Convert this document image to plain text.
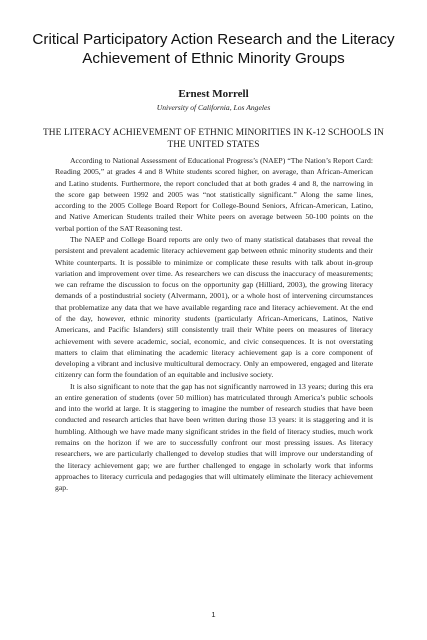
Critical Participatory Action Research and the Literacy Achievement of Ethnic Minority Groups
Ernest Morrell
University of California, Los Angeles
THE LITERACY ACHIEVEMENT OF ETHNIC MINORITIES IN K-12 SCHOOLS IN THE UNITED STATES

According to National Assessment of Educational Progress’s (NAEP) “The Nation’s Report Card: Reading 2005,” at grades 4 and 8 White students scored higher, on average, than African-American and Latino students. Furthermore, the report concluded that at both grades 4 and 8, the narrowing in the score gap between 1992 and 2005 was “not statistically significant.” Along the same lines, according to the 2005 College Board Report for College-Bound Seniors, African-American, Latino, and Native American Students trailed their White peers on average between 50-100 points on the verbal portion of the SAT Reasoning test.

The NAEP and College Board reports are only two of many statistical databases that reveal the persistent and prevalent academic literacy achievement gap between ethnic minority students and their White counterparts. It is possible to minimize or complicate these results with talk about in-group variation and improvement over time. As researchers we can discuss the inaccuracy of measurements; we can reframe the discussion to focus on the opportunity gap (Hilliard, 2003), the growing literacy demands of a postindustrial society (Alvermann, 2001), or a whole host of intervening circumstances that problematize any data that we have available regarding race and literacy achievement. At the end of the day, however, ethnic minority students (particularly African-Americans, Latinos, Native Americans, and Pacific Islanders) still consistently trail their White peers on measures of literacy achievement with severe academic, social, economic, and civic consequences. It is not overstating matters to claim that eliminating the academic literacy achievement gap is a core component of developing a vibrant and inclusive multicultural democracy. Only an empowered, engaged and literate citizenry can form the foundation of an equitable and inclusive society.

It is also significant to note that the gap has not significantly narrowed in 13 years; during this era an entire generation of students (over 50 million) has matriculated through America’s public schools and into the world at large. It is staggering to imagine the number of research studies that have been conducted and research articles that have been written during those 13 years: it is staggering and it is humbling. Although we have made many significant strides in the field of literacy studies, much work remains on the horizon if we are to successfully confront our most pressing issues. As literacy researchers, we are particularly challenged to develop studies that will improve our understanding of the literacy achievement gap; we are further challenged to engage in scholarly work that informs approaches to literacy curricula and pedagogies that will ultimately eliminate the literacy achievement gap.

1
